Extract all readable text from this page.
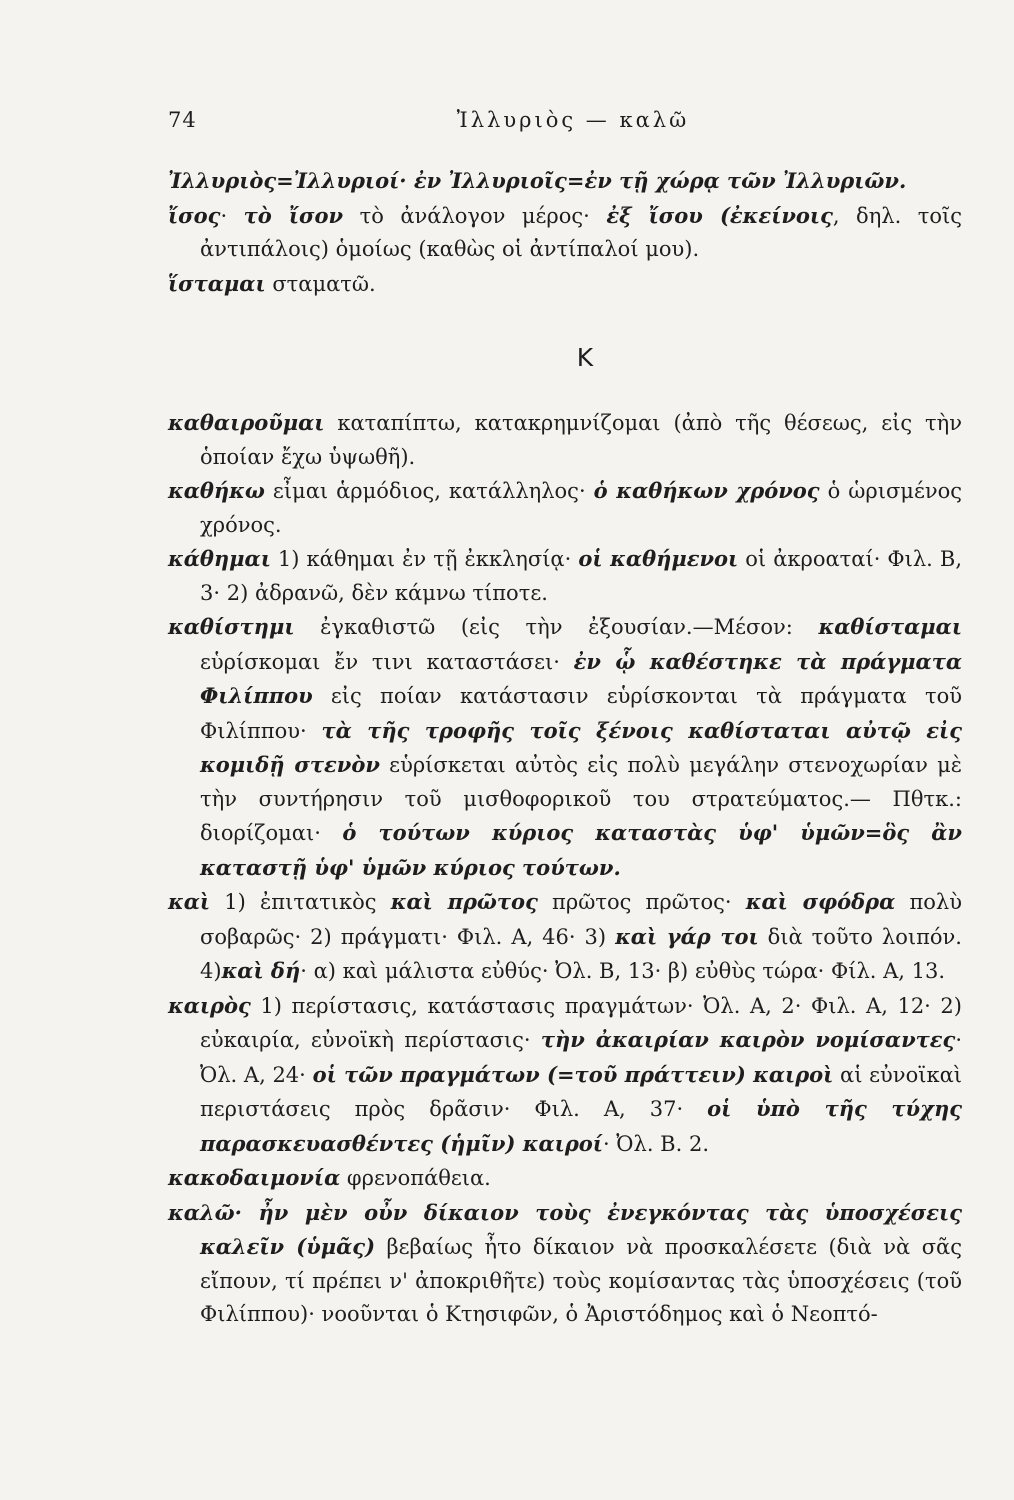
74	Ἰλλυριὸς — καλῶ

Ἰλλυριὸς=Ἰλλυριοί· ἐν Ἰλλυριοῖς=ἐν τῇ χώρᾳ τῶν Ἰλλυριῶν.

ἴσος· τὸ ἴσον τὸ ἀνάλογον μέρος· ἐξ ἴσου (ἐκείνοις, δηλ. τοῖς ἀντιπάλοις) ὁμοίως (καθὼς οἱ ἀντίπαλοί μου).

ἵσταμαι σταματῶ.

K

καθαιροῦμαι καταπίπτω, κατακρημνίζομαι (ἀπὸ τῆς θέσεως, εἰς τὴν ὁποίαν ἔχω ὑψωθῆ).

καθήκω εἶμαι ἁρμόδιος, κατάλληλος· ὁ καθήκων χρόνος ὁ ὡρισμένος χρόνος.

κάθημαι 1) κάθημαι ἐν τῇ ἐκκλησίᾳ· οἱ καθήμενοι οἱ ἀκροαταί· Φιλ. B, 3· 2) ἀδρανῶ, δὲν κάμνω τίποτε.

καθίστημι ἐγκαθιστῶ (εἰς τὴν ἐξουσίαν.—Μέσον: καθίσταμαι εὑρίσκομαι ἔν τινι καταστάσει· ἐν ᾧ καθέστηκε τὰ πράγματα Φιλίππου εἰς ποίαν κατάστασιν εὑρίσκονται τὰ πράγματα τοῦ Φιλίππου· τὰ τῆς τροφῆς τοῖς ξένοις καθίσταται αὐτῷ εἰς κομιδῇ στενὸν εὑρίσκεται αὐτὸς εἰς πολὺ μεγάλην στενοχωρίαν μὲ τὴν συντήρησιν τοῦ μισθοφορικοῦ του στρατεύματος.— Πθτκ.: διορίζομαι· ὁ τούτων κύριος καταστὰς ὑφ' ὑμῶν=ὃς ἂν καταστῇ ὑφ' ὑμῶν κύριος τούτων.

καὶ 1) ἐπιτατικὸς καὶ πρῶτος πρῶτος πρῶτος· καὶ σφόδρα πολὺ σοβαρῶς· 2) πράγματι· Φιλ. A, 46· 3) καὶ γάρ τοι διὰ τοῦτο λοιπόν. 4)καὶ δή· α) καὶ μάλιστα εὐθύς· Ὀλ. B, 13· β) εὐθὺς τώρα· Φίλ. A, 13.

καιρὸς 1) περίστασις, κατάστασις πραγμάτων· Ὀλ. A, 2· Φιλ. A, 12· 2) εὐκαιρία, εὐνοϊκὴ περίστασις· τὴν ἀκαιρίαν καιρὸν νομίσαντες· Ὀλ. A, 24· οἱ τῶν πραγμάτων (=τοῦ πράττειν) καιροὶ αἱ εὐνοϊκαὶ περιστάσεις πρὸς δρᾶσιν· Φιλ. A, 37· οἱ ὑπὸ τῆς τύχης παρασκευασθέντες (ἡμῖν) καιροί· Ὀλ. B. 2.

κακοδαιμονία φρενοπάθεια.

καλῶ· ἦν μὲν οὖν δίκαιον τοὺς ἐνεγκόντας τὰς ὑποσχέσεις καλεῖν (ὑμᾶς) βεβαίως ἦτο δίκαιον νὰ προσκαλέσετε (διὰ νὰ σᾶς εἴπουν, τί πρέπει ν' ἀποκριθῆτε) τοὺς κομίσαντας τὰς ὑποσχέσεις (τοῦ Φιλίππου)· νοοῦνται ὁ Κτησιφῶν, ὁ Ἀριστόδημος καὶ ὁ Νεοπτό-
